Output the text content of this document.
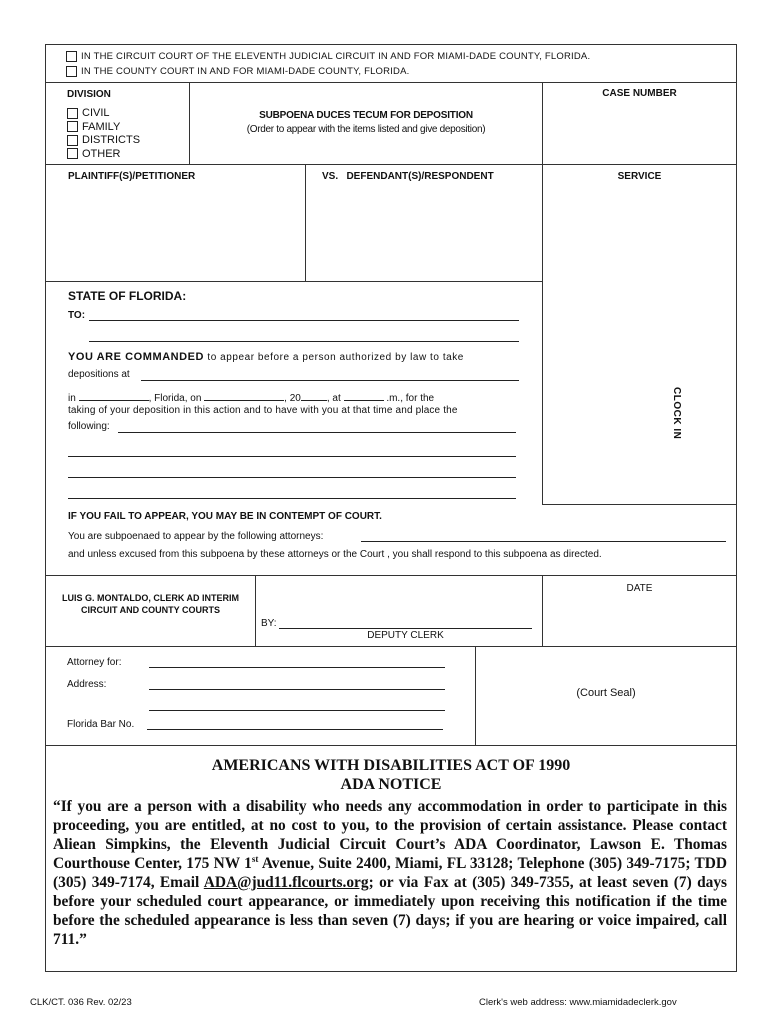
IN THE CIRCUIT COURT OF THE ELEVENTH JUDICIAL CIRCUIT IN AND FOR MIAMI-DADE COUNTY, FLORIDA.
IN THE COUNTY COURT IN AND FOR MIAMI-DADE COUNTY, FLORIDA.
DIVISION
CIVIL
FAMILY
DISTRICTS
OTHER
SUBPOENA DUCES TECUM FOR DEPOSITION
(Order to appear with the items listed and give deposition)
CASE NUMBER
PLAINTIFF(S)/PETITIONER	VS.   DEFENDANT(S)/RESPONDENT	SERVICE
CLOCK IN
STATE OF FLORIDA:
TO:
YOU ARE COMMANDED to appear before a person authorized by law to take
depositions at
in	, Florida, on	, 20	, at	.m., for the
taking of your deposition in this action and to have with you at that time and place the
following:
IF YOU FAIL TO APPEAR, YOU MAY BE IN CONTEMPT OF COURT.
You are subpoenaed to appear by the following attorneys:
and unless excused from this subpoena by these attorneys or the Court , you shall respond to this subpoena as directed.
LUIS G. MONTALDO, CLERK AD INTERIM
CIRCUIT AND COUNTY COURTS
BY:
DEPUTY CLERK
DATE
Attorney for:
Address:
Florida Bar No.
(Court Seal)
AMERICANS WITH DISABILITIES ACT OF 1990
ADA NOTICE
“If you are a person with a disability who needs any accommodation in order to participate in this proceeding, you are entitled, at no cost to you, to the provision of certain assistance. Please contact Aliean Simpkins, the Eleventh Judicial Circuit Court’s ADA Coordinator, Lawson E. Thomas Courthouse Center, 175 NW 1st Avenue, Suite 2400, Miami, FL 33128; Telephone (305) 349-7175; TDD (305) 349-7174, Email ADA@jud11.flcourts.org; or via Fax at (305) 349-7355, at least seven (7) days before your scheduled court appearance, or immediately upon receiving this notification if the time before the scheduled appearance is less than seven (7) days; if you are hearing or voice impaired, call 711.”
CLK/CT. 036 Rev. 02/23	Clerk's web address: www.miamidadeclerk.gov
